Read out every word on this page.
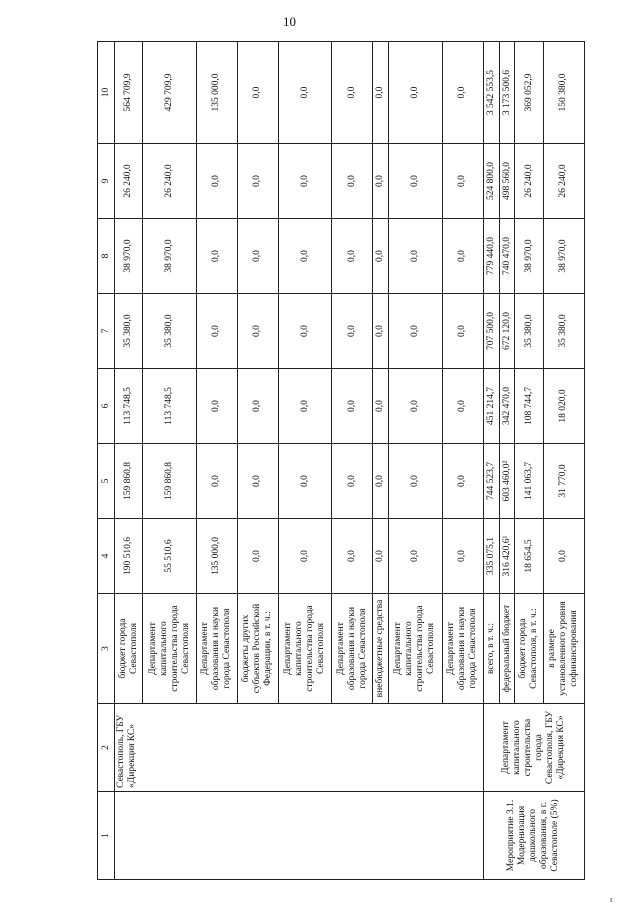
10
1	2	3	4	5	6	7	8	9	10
	Севастополь, ГБУ «Дирекция КС»	бюджет города Севастополя	190 510,6	159 860,8	113 748,5	35 380,0	38 970,0	26 240,0	564 709,9
		Департамент капитального строительства города Севастополя	55 510,6	159 860,8	113 748,5	35 380,0	38 970,0	26 240,0	429 709,9
		Департамент образования и науки города Севастополя	135 000,0	0,0	0,0	0,0	0,0	0,0	135 000,0
		бюджеты других субъектов Российской Федерации, в т. ч.:	0,0	0,0	0,0	0,0	0,0	0,0	0,0
		Департамент капитального строительства города Севастополя	0,0	0,0	0,0	0,0	0,0	0,0	0,0
		Департамент образования и науки города Севастополя	0,0	0,0	0,0	0,0	0,0	0,0	0,0
		внебюджетные средства	0,0	0,0	0,0	0,0	0,0	0,0	0,0
		Департамент капитального строительства города Севастополя	0,0	0,0	0,0	0,0	0,0	0,0	0,0
		Департамент образования и науки города Севастополя	0,0	0,0	0,0	0,0	0,0	0,0	0,0
Мероприятие 3.1. Модернизация дошкольного образования, в г. Севастополе (5%)	Департамент капитального строительства города Севастополя, ГБУ «Дирекция КС»	всего, в т. ч.:	335 075,1	744 523,7	451 214,7	707 500,0	779 440,0	524 800,0	3 542 553,5
		федеральный бюджет	316 420,6¹	603 460,0²	342 470,0	672 120,0	740 470,0	498 560,0	3 173 500,6
		бюджет города Севастополя, в т. ч.:	18 654,5	141 063,7	108 744,7	35 380,0	38 970,0	26 240,0	369 052,9
		в размере установленного уровня софинансирования	0,0	31 770,0	18 020,0	35 380,0	38 970,0	26 240,0	150 380,0
ι
